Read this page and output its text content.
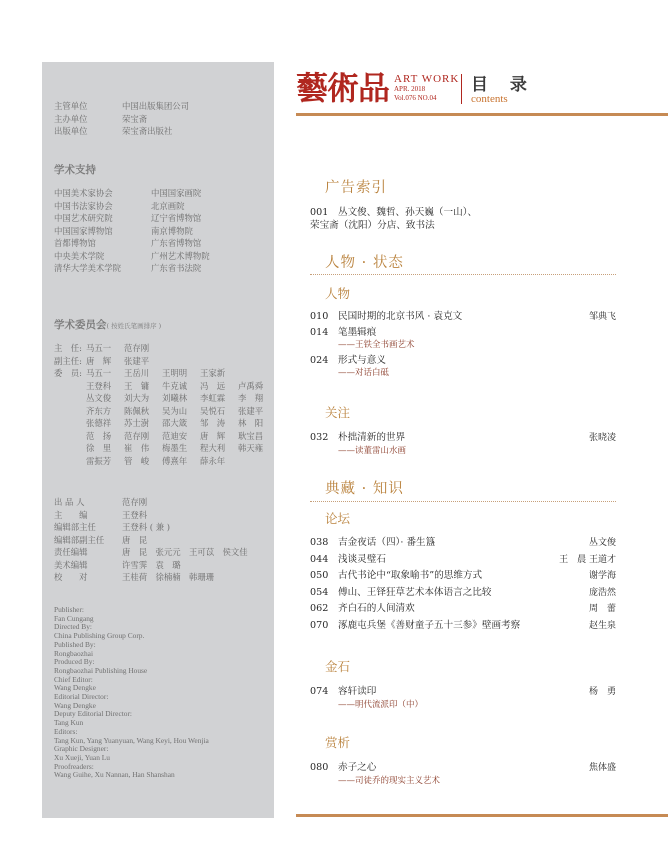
主管单位	中国出版集团公司
主办单位	荣宝斋
出版单位	荣宝斋出版社
学术支持
中国美术家协会	中国国家画院
中国书法家协会	北京画院
中国艺术研究院	辽宁省博物馆
中国国家博物馆	南京博物院
首都博物馆	广东省博物馆
中央美术学院	广州艺术博物院
清华大学美术学院	广东省书法院
学术委员会( 按姓氏笔画排序 )
主　任: 马五一	范存刚
副主任: 唐　辉	张建平
委　员: 马五一	王岳川	王明明	王家新
王登科	王　镛	牛克诚	冯　远	卢禹舜
丛文俊	刘大为	刘曦林	李虹霖	李　翔
齐东方	陈佩秋	吴为山	吴悦石	张建平
张德祥	苏士澍	邵大箴	邹　涛	林　阳
范　扬	范存刚	范迪安	唐　辉	耿宝昌
徐　里	崔　伟	梅墨生	程大利	韩天雍
雷振芳	管　峻	傅熹年	薛永年
出 品 人	范存刚
主　　编	王登科
编辑部主任	王登科 ( 兼 )
编辑部副主任	唐　昆
责任编辑	唐　昆　张元元　王可苡　侯文佳
美术编辑	许雪霁　袁　璐
校　　对	王桂荷　徐楠楠　韩珊珊
Publisher:
Fan Cungang
Directed By:
China Publishing Group Corp.
Published By:
Rongbaozhai
Produced By:
Rongbaozhai Publishing House
Chief Editor:
Wang Dengke
Editorial Director:
Wang Dengke
Deputy Editorial Director:
Tang Kun
Editors:
Tang Kun, Yang Yuanyuan, Wang Keyi, Hou Wenjia
Graphic Designer:
Xu Xueji, Yuan Lu
Proofreaders:
Wang Guihe, Xu Nannan, Han Shanshan
藝術品 ART WORK
APR. 2018
Vol.076 NO.04
目 录
contents
广告索引
001 丛文俊、魏哲、孙天巍（一山）、
荣宝斋（沈阳）分店、致书法
人物 · 状态
人物
010 民国时期的北京书风 · 袁克文	邹典飞
014 笔墨辑痕
——王铁全书画艺术
024 形式与意义
——对话白砥
关注
032 朴拙清新的世界	张晓凌
——读董雷山水画
典藏 · 知识
论坛
038 吉金夜话（四）· 番生簋	丛文俊
044 浅谈灵璧石	王　晨 王道才
050 古代书论中“取象喻书”的思维方式	谢学海
054 傅山、王铎狂草艺术本体语言之比较	庞浩然
062 齐白石的人间清欢	周　蕾
070 涿鹿屯兵堡《善财童子五十三参》壁画考察	赵生泉
金石
074 容轩读印	杨　勇
——明代流派印（中）
赏析
080 赤子之心	焦体盛
——司徒乔的现实主义艺术
